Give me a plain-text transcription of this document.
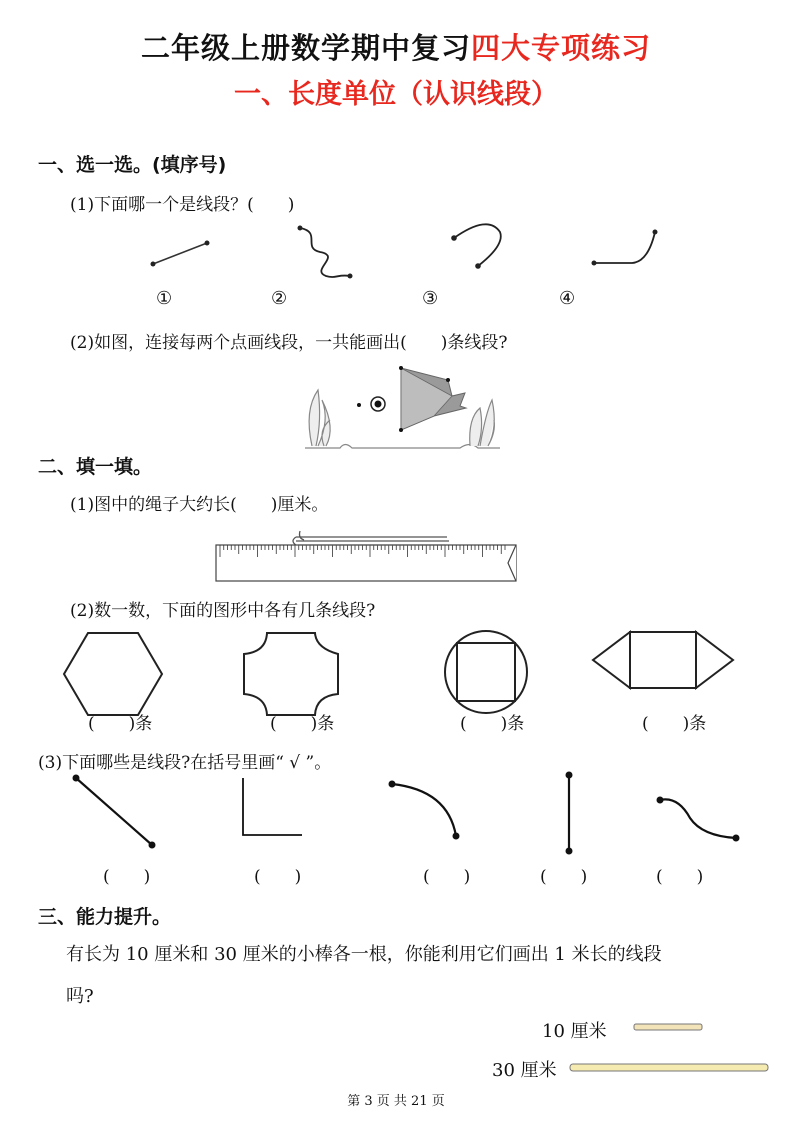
二年级上册数学期中复习四大专项练习
一、长度单位（认识线段）
一、选一选。(填序号)
(1)下面哪一个是线段？(　　)
①	②	③	④
(2)如图，连接每两个点画线段，一共能画出(　　)条线段?
二、填一填。
(1)图中的绳子大约长(　　)厘米。
(2)数一数，下面的图形中各有几条线段?
(　　)条	(　　)条	(　　)条	(　　)条
(3)下面哪些是线段?在括号里画“ √ ”。
(　　)	(　　)	(　　)	(　　)	(　　)
三、能力提升。
有长为 10 厘米和 30 厘米的小棒各一根，你能利用它们画出 1 米长的线段
吗?
10 厘米
30 厘米
第 3 页 共 21 页
